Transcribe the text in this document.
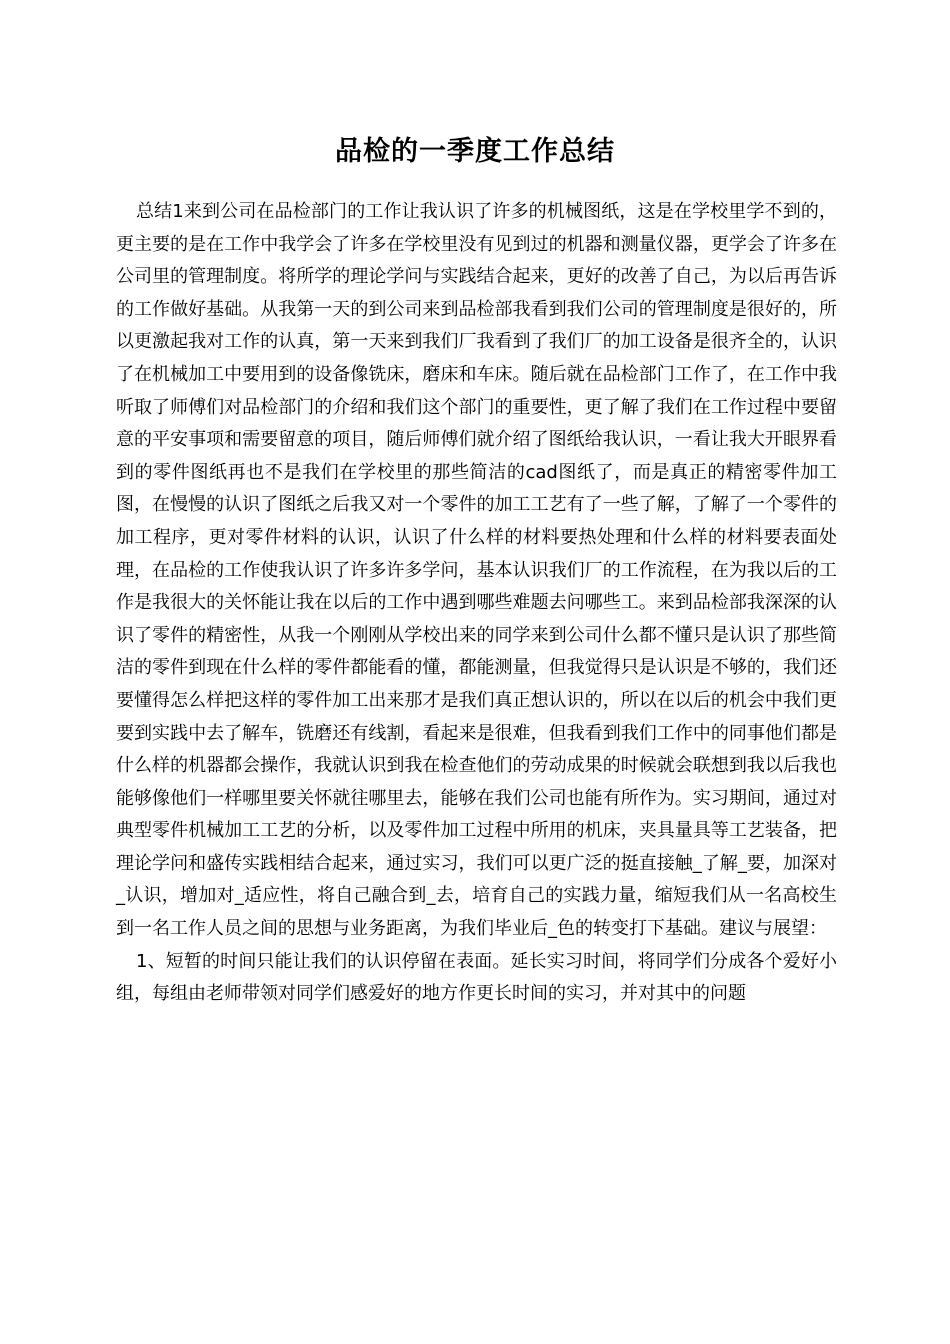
品检的一季度工作总结

总结1来到公司在品检部门的工作让我认识了许多的机械图纸，这是在学校里学不到的，更主要的是在工作中我学会了许多在学校里没有见到过的机器和测量仪器，更学会了许多在公司里的管理制度。将所学的理论学问与实践结合起来，更好的改善了自己，为以后再告诉的工作做好基础。从我第一天的到公司来到品检部我看到我们公司的管理制度是很好的，所以更激起我对工作的认真，第一天来到我们厂我看到了我们厂的加工设备是很齐全的，认识了在机械加工中要用到的设备像铣床，磨床和车床。随后就在品检部门工作了，在工作中我听取了师傅们对品检部门的介绍和我们这个部门的重要性，更了解了我们在工作过程中要留意的平安事项和需要留意的项目，随后师傅们就介绍了图纸给我认识，一看让我大开眼界看到的零件图纸再也不是我们在学校里的那些简洁的cad图纸了，而是真正的精密零件加工图，在慢慢的认识了图纸之后我又对一个零件的加工工艺有了一些了解，了解了一个零件的加工程序，更对零件材料的认识，认识了什么样的材料要热处理和什么样的材料要表面处理，在品检的工作使我认识了许多许多学问，基本认识我们厂的工作流程，在为我以后的工作是我很大的关怀能让我在以后的工作中遇到哪些难题去问哪些工。来到品检部我深深的认识了零件的精密性，从我一个刚刚从学校出来的同学来到公司什么都不懂只是认识了那些简洁的零件到现在什么样的零件都能看的懂，都能测量，但我觉得只是认识是不够的，我们还要懂得怎么样把这样的零件加工出来那才是我们真正想认识的，所以在以后的机会中我们更要到实践中去了解车，铣磨还有线割，看起来是很难，但我看到我们工作中的同事他们都是什么样的机器都会操作，我就认识到我在检查他们的劳动成果的时候就会联想到我以后我也能够像他们一样哪里要关怀就往哪里去，能够在我们公司也能有所作为。实习期间，通过对典型零件机械加工工艺的分析，以及零件加工过程中所用的机床，夹具量具等工艺装备，把理论学问和盛传实践相结合起来，通过实习，我们可以更广泛的挺直接触_了解_要，加深对_认识，增加对_适应性，将自己融合到_去，培育自己的实践力量，缩短我们从一名高校生到一名工作人员之间的思想与业务距离，为我们毕业后_色的转变打下基础。建议与展望：

1、短暂的时间只能让我们的认识停留在表面。延长实习时间，将同学们分成各个爱好小组，每组由老师带领对同学们感爱好的地方作更长时间的实习，并对其中的问题
